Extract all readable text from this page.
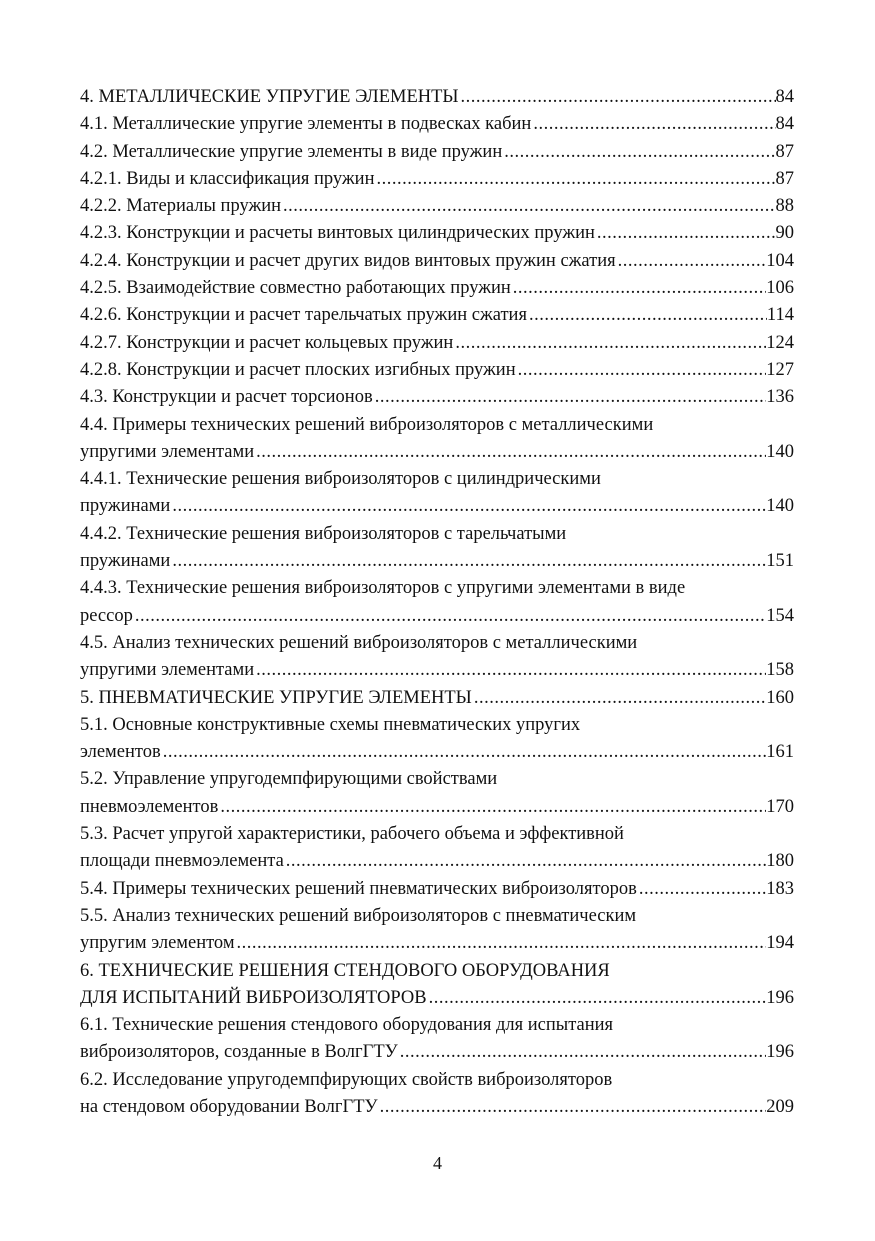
4. МЕТАЛЛИЧЕСКИЕ УПРУГИЕ ЭЛЕМЕНТЫ .....	84
4.1. Металлические упругие элементы в подвесках кабин .....	84
4.2. Металлические упругие элементы в виде пружин .....	87
4.2.1. Виды и классификация пружин .....	87
4.2.2. Материалы пружин .....	88
4.2.3. Конструкции и расчеты винтовых цилиндрических пружин .....	90
4.2.4. Конструкции и расчет других видов винтовых пружин сжатия .....	104
4.2.5. Взаимодействие совместно работающих пружин .....	106
4.2.6. Конструкции и расчет тарельчатых пружин сжатия .....	114
4.2.7. Конструкции и расчет кольцевых пружин .....	124
4.2.8. Конструкции и расчет плоских изгибных пружин .....	127
4.3. Конструкции и расчет торсионов .....	136
4.4. Примеры технических решений виброизоляторов с металлическими
упругими элементами .....	140
4.4.1. Технические решения виброизоляторов с цилиндрическими
пружинами .....	140
4.4.2. Технические решения виброизоляторов с тарельчатыми
пружинами .....	151
4.4.3. Технические решения виброизоляторов с упругими элементами в виде
рессор .....	154
4.5. Анализ технических решений виброизоляторов с металлическими
упругими элементами .....	158
5. ПНЕВМАТИЧЕСКИЕ УПРУГИЕ ЭЛЕМЕНТЫ .....	160
5.1. Основные конструктивные схемы пневматических упругих
элементов .....	161
5.2. Управление упругодемпфирующими свойствами
пневмоэлементов .....	170
5.3. Расчет упругой характеристики, рабочего объема и эффективной
площади пневмоэлемента .....	180
5.4. Примеры технических решений пневматических виброизоляторов .....	183
5.5. Анализ технических решений виброизоляторов с пневматическим
упругим элементом .....	194
6. ТЕХНИЧЕСКИЕ РЕШЕНИЯ СТЕНДОВОГО ОБОРУДОВАНИЯ
ДЛЯ ИСПЫТАНИЙ ВИБРОИЗОЛЯТОРОВ .....	196
6.1. Технические решения стендового оборудования для испытания
виброизоляторов, созданные в ВолгГТУ .....	196
6.2. Исследование упругодемпфирующих свойств виброизоляторов
на стендовом оборудовании ВолгГТУ .....	209
4
